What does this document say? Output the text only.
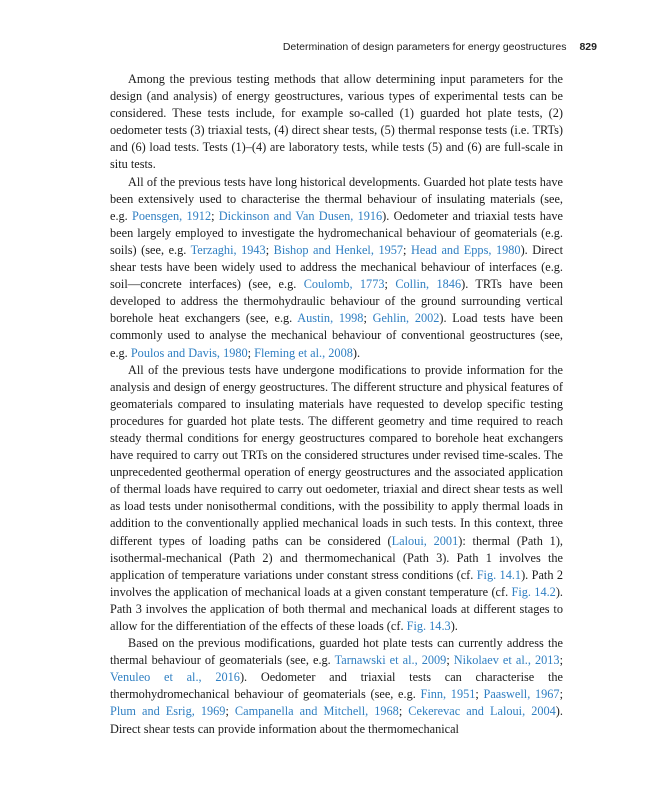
Determination of design parameters for energy geostructures 829

Among the previous testing methods that allow determining input parameters for the design (and analysis) of energy geostructures, various types of experimental tests can be considered. These tests include, for example so-called (1) guarded hot plate tests, (2) oedometer tests (3) triaxial tests, (4) direct shear tests, (5) thermal response tests (i.e. TRTs) and (6) load tests. Tests (1)–(4) are laboratory tests, while tests (5) and (6) are full-scale in situ tests.

All of the previous tests have long historical developments. Guarded hot plate tests have been extensively used to characterise the thermal behaviour of insulating materials (see, e.g. Poensgen, 1912; Dickinson and Van Dusen, 1916). Oedometer and triaxial tests have been largely employed to investigate the hydromechanical behaviour of geomaterials (e.g. soils) (see, e.g. Terzaghi, 1943; Bishop and Henkel, 1957; Head and Epps, 1980). Direct shear tests have been widely used to address the mechanical behaviour of interfaces (e.g. soil—concrete interfaces) (see, e.g. Coulomb, 1773; Collin, 1846). TRTs have been developed to address the thermohydraulic behaviour of the ground surrounding vertical borehole heat exchangers (see, e.g. Austin, 1998; Gehlin, 2002). Load tests have been commonly used to analyse the mechanical behaviour of conventional geostructures (see, e.g. Poulos and Davis, 1980; Fleming et al., 2008).

All of the previous tests have undergone modifications to provide information for the analysis and design of energy geostructures. The different structure and physical features of geomaterials compared to insulating materials have requested to develop specific testing procedures for guarded hot plate tests. The different geometry and time required to reach steady thermal conditions for energy geostructures compared to borehole heat exchangers have required to carry out TRTs on the considered structures under revised time-scales. The unprecedented geothermal operation of energy geostructures and the associated application of thermal loads have required to carry out oedometer, triaxial and direct shear tests as well as load tests under nonisothermal conditions, with the possibility to apply thermal loads in addition to the conventionally applied mechanical loads in such tests. In this context, three different types of loading paths can be considered (Laloui, 2001): thermal (Path 1), isothermal-mechanical (Path 2) and thermomechanical (Path 3). Path 1 involves the application of temperature variations under constant stress conditions (cf. Fig. 14.1). Path 2 involves the application of mechanical loads at a given constant temperature (cf. Fig. 14.2). Path 3 involves the application of both thermal and mechanical loads at different stages to allow for the differentiation of the effects of these loads (cf. Fig. 14.3).

Based on the previous modifications, guarded hot plate tests can currently address the thermal behaviour of geomaterials (see, e.g. Tarnawski et al., 2009; Nikolaev et al., 2013; Venuleo et al., 2016). Oedometer and triaxial tests can characterise the thermohydromechanical behaviour of geomaterials (see, e.g. Finn, 1951; Paaswell, 1967; Plum and Esrig, 1969; Campanella and Mitchell, 1968; Cekerevac and Laloui, 2004). Direct shear tests can provide information about the thermomechanical
